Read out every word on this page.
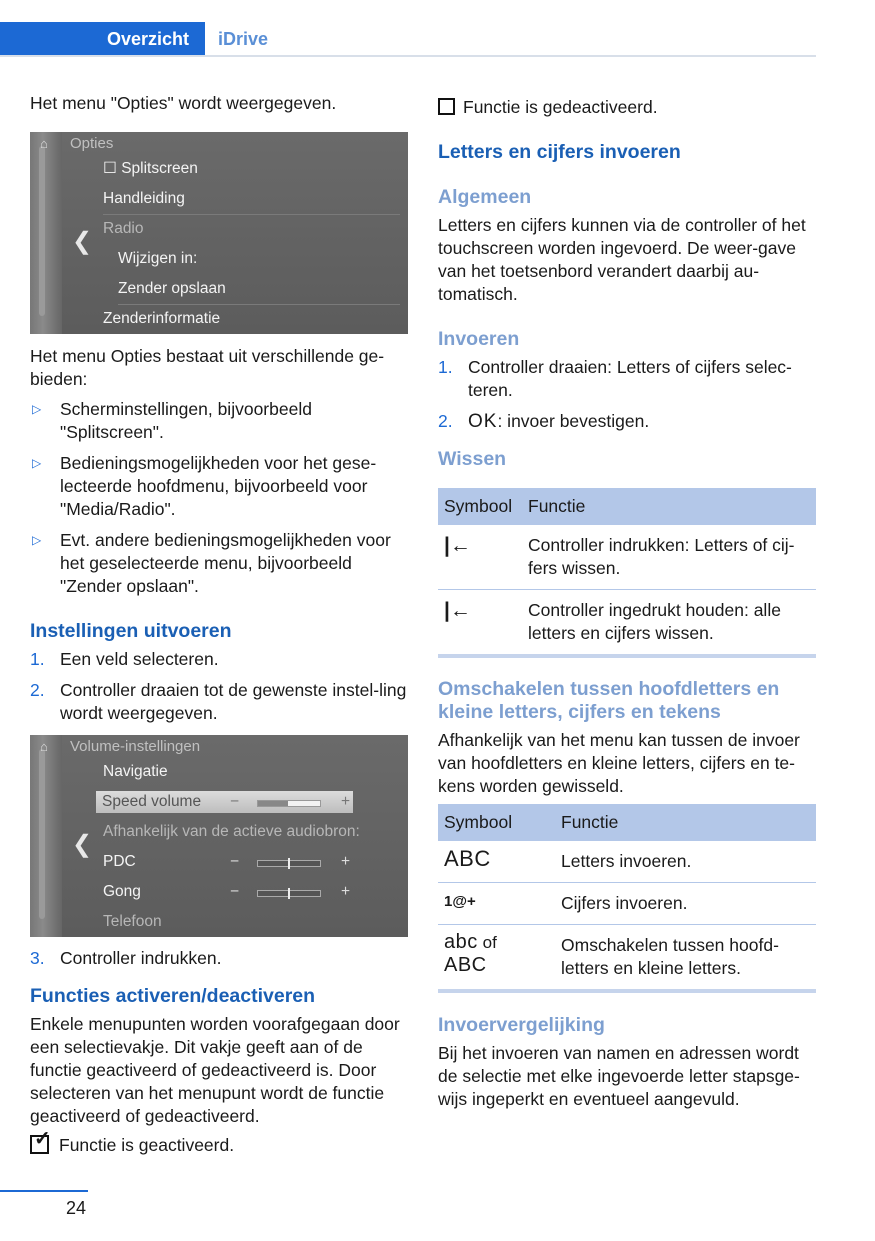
Overzicht	iDrive

Het menu "Opties" wordt weergegeven.

⌂ Opties
❮
☐ Splitscreen
Handleiding
Radio
Wijzigen in:
Zender opslaan
Zenderinformatie

Het menu Opties bestaat uit verschillende ge-
bieden:

▷ Scherminstellingen, bijvoorbeeld "Splitscreen".
▷ Bedieningsmogelijkheden voor het gese-lecteerde hoofdmenu, bijvoorbeeld voor "Media/Radio".
▷ Evt. andere bedieningsmogelijkheden voor het geselecteerde menu, bijvoorbeeld "Zender opslaan".
Instellingen uitvoeren
1. Een veld selecteren.
2. Controller draaien tot de gewenste instel-ling wordt weergegeven.
⌂ Volume-instellingen
❮
Navigatie
Speed volume −	+
Afhankelijk van de actieve audiobron:
PDC	−	+
Gong	−	+
Telefoon
3. Controller indrukken.
Functies activeren/deactiveren

Enkele menupunten worden voorafgegaan door een selectievakje. Dit vakje geeft aan of de functie geactiveerd of gedeactiveerd is. Door selecteren van het menupunt wordt de functie geactiveerd of gedeactiveerd.

✓ Functie is geactiveerd.

Functie is gedeactiveerd.

Letters en cijfers invoeren
Algemeen

Letters en cijfers kunnen via de controller of het touchscreen worden ingevoerd. De weer-gave van het toetsenbord verandert daarbij au-tomatisch.

Invoeren
1. Controller draaien: Letters of cijfers selec-teren.
2. OK: invoer bevestigen.
Wissen
Symbool	Functie
|←	Controller indrukken: Letters of cij-fers wissen.
|←	Controller ingedrukt houden: alle letters en cijfers wissen.
Omschakelen tussen hoofdletters en kleine letters, cijfers en tekens

Afhankelijk van het menu kan tussen de invoer van hoofdletters en kleine letters, cijfers en te-kens worden gewisseld.

Symbool	Functie
ABC	Letters invoeren.
1@+	Cijfers invoeren.
abc of
ABC	Omschakelen tussen hoofd-letters en kleine letters.
Invoervergelijking

Bij het invoeren van namen en adressen wordt de selectie met elke ingevoerde letter stapsge-wijs ingeperkt en eventueel aangevuld.

24
